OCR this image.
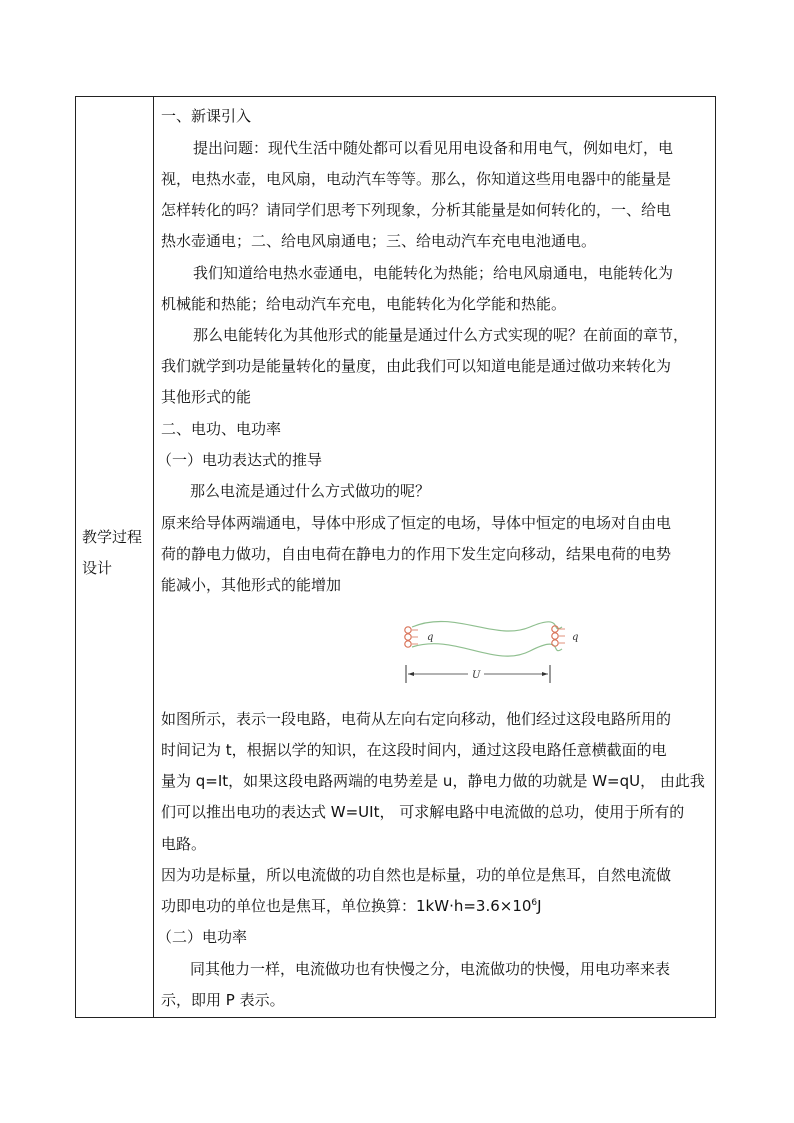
教学过程
设计
一、新课引入
提出问题：现代生活中随处都可以看见用电设备和用电气，例如电灯，电
视，电热水壶，电风扇，电动汽车等等。那么，你知道这些用电器中的能量是
怎样转化的吗？请同学们思考下列现象，分析其能量是如何转化的，一、给电
热水壶通电；二、给电风扇通电；三、给电动汽车充电电池通电。
我们知道给电热水壶通电，电能转化为热能；给电风扇通电，电能转化为
机械能和热能；给电动汽车充电，电能转化为化学能和热能。
那么电能转化为其他形式的能量是通过什么方式实现的呢？在前面的章节，
我们就学到功是能量转化的量度，由此我们可以知道电能是通过做功来转化为
其他形式的能
二、电功、电功率
（一）电功表达式的推导
那么电流是通过什么方式做功的呢？
原来给导体两端通电，导体中形成了恒定的电场，导体中恒定的电场对自由电
荷的静电力做功，自由电荷在静电力的作用下发生定向移动，结果电荷的电势
能减小，其他形式的能增加
q	q
U
如图所示，表示一段电路，电荷从左向右定向移动，他们经过这段电路所用的
时间记为 t，根据以学的知识，在这段时间内，通过这段电路任意横截面的电
量为 q=It，如果这段电路两端的电势差是 u，静电力做的功就是 W=qU， 由此我
们可以推出电功的表达式 W=UIt， 可求解电路中电流做的总功，使用于所有的
电路。
因为功是标量，所以电流做的功自然也是标量，功的单位是焦耳，自然电流做
功即电功的单位也是焦耳，单位换算：$1kW\cdot h=3.6\times 10^6J$
（二）电功率
同其他力一样，电流做功也有快慢之分，电流做功的快慢，用电功率来表
示，即用 P 表示。
